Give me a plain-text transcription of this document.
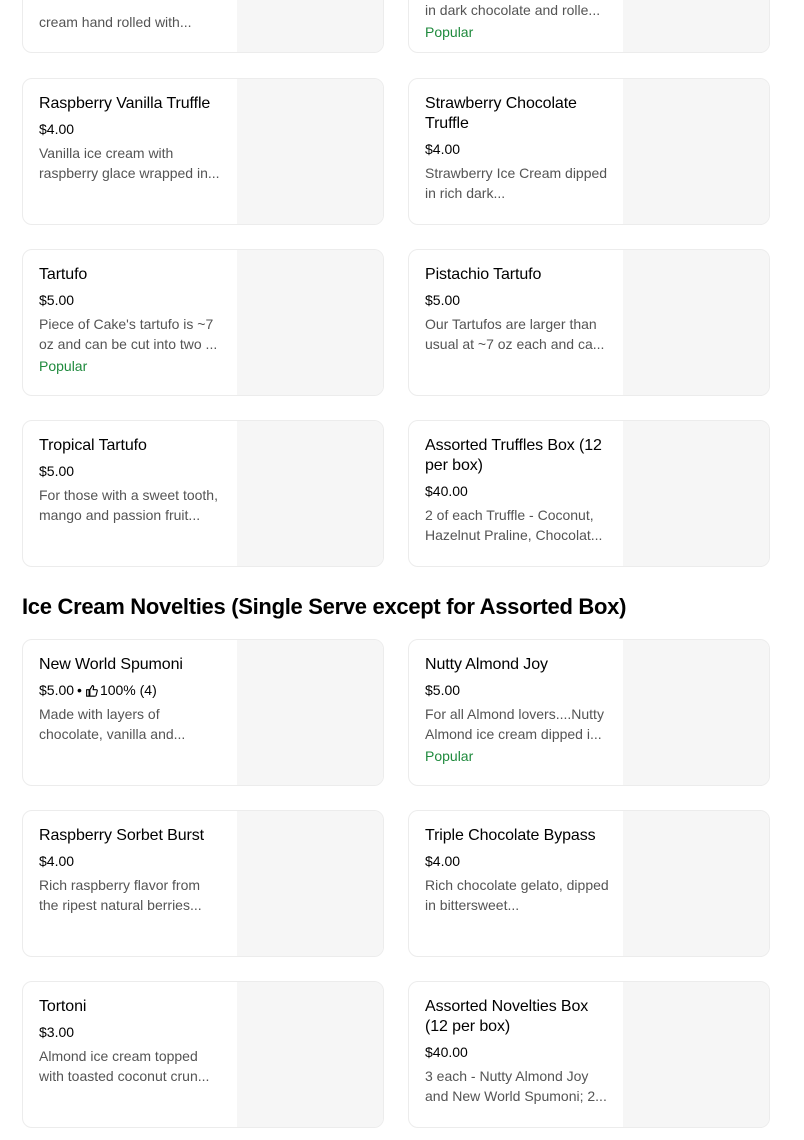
cream hand rolled with...
in dark chocolate and rolle...
Popular
Raspberry Vanilla Truffle
$4.00
Vanilla ice cream with raspberry glace wrapped in...
Strawberry Chocolate Truffle
$4.00
Strawberry Ice Cream dipped in rich dark...
Tartufo
$5.00
Piece of Cake's tartufo is ~7 oz and can be cut into two ...
Popular
Pistachio Tartufo
$5.00
Our Tartufos are larger than usual at ~7 oz each and ca...
Tropical Tartufo
$5.00
For those with a sweet tooth, mango and passion fruit...
Assorted Truffles Box (12 per box)
$40.00
2 of each Truffle - Coconut, Hazelnut Praline, Chocolat...
Ice Cream Novelties (Single Serve except for Assorted Box)
New World Spumoni
$5.00 • 100% (4)
Made with layers of chocolate, vanilla and...
Nutty Almond Joy
$5.00
For all Almond lovers....Nutty Almond ice cream dipped i...
Popular
Raspberry Sorbet Burst
$4.00
Rich raspberry flavor from the ripest natural berries...
Triple Chocolate Bypass
$4.00
Rich chocolate gelato, dipped in bittersweet...
Tortoni
$3.00
Almond ice cream topped with toasted coconut crun...
Assorted Novelties Box (12 per box)
$40.00
3 each - Nutty Almond Joy and New World Spumoni; 2...
